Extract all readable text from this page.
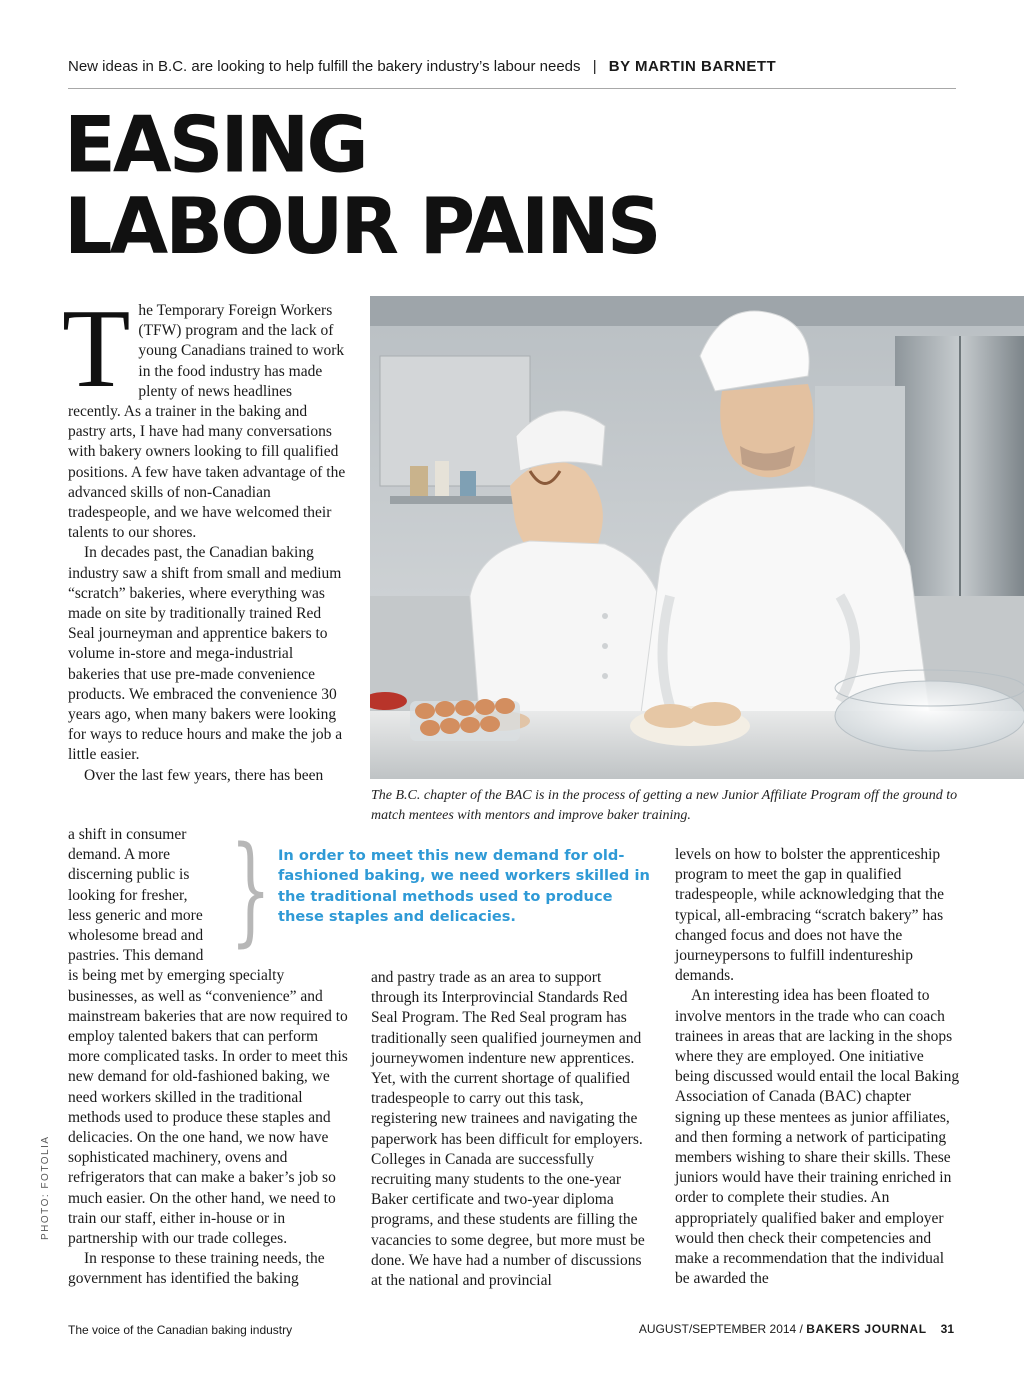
New ideas in B.C. are looking to help fulfill the bakery industry’s labour needs | BY MARTIN BARNETT
EASING
LABOUR PAINS

T he Temporary Foreign Workers (TFW) program and the lack of young Canadians trained to work in the food industry has made plenty of news headlines recently. As a trainer in the baking and pastry arts, I have had many conversations with bakery owners looking to fill qualified positions. A few have taken advantage of the advanced skills of non-Canadian tradespeople, and we have welcomed their talents to our shores.

In decades past, the Canadian baking industry saw a shift from small and medium “scratch” bakeries, where everything was made on site by traditionally trained Red Seal journeyman and apprentice bakers to volume in-store and mega-industrial bakeries that use pre-made convenience products. We embraced the convenience 30 years ago, when many bakers were looking for ways to reduce hours and make the job a little easier.

Over the last few years, there has been

a shift in consumer
demand. A more
discerning public is
looking for fresher,
less generic and more
wholesome bread and
pastries. This demand
is being met by emerging specialty businesses, as well as “convenience” and mainstream bakeries that are now required to employ talented bakers that can perform more complicated tasks. In order to meet this new demand for old-fashioned baking, we need workers skilled in the traditional methods used to produce these staples and delicacies. On the one hand, we now have sophisticated machinery, ovens and refrigerators that can make a baker’s job so much easier. On the other hand, we need to train our staff, either in-house or in partnership with our trade colleges.

In response to these training needs, the government has identified the baking

} In order to meet this new demand for old-fashioned baking, we need workers skilled in the traditional methods used to produce these staples and delicacies.
The B.C. chapter of the BAC is in the process of getting a new Junior Affiliate Program off the ground to match mentees with mentors and improve baker training.
and pastry trade as an area to support through its Interprovincial Standards Red Seal Program. The Red Seal program has traditionally seen qualified journeymen and journeywomen indenture new apprentices. Yet, with the current shortage of qualified tradespeople to carry out this task, registering new trainees and navigating the paperwork has been difficult for employers. Colleges in Canada are successfully recruiting many students to the one-year Baker certificate and two-year diploma programs, and these students are filling the vacancies to some degree, but more must be done. We have had a number of discussions at the national and provincial
levels on how to bolster the apprenticeship program to meet the gap in qualified tradespeople, while acknowledging that the typical, all-embracing “scratch bakery” has changed focus and does not have the journeypersons to fulfill indentureship demands.

An interesting idea has been floated to involve mentors in the trade who can coach trainees in areas that are lacking in the shops where they are employed. One initiative being discussed would entail the local Baking Association of Canada (BAC) chapter signing up these mentees as junior affiliates, and then forming a network of participating members wishing to share their skills. These juniors would have their training enriched in order to complete their studies. An appropriately qualified baker and employer would then check their competencies and make a recommendation that the individual be awarded the

PHOTO: FOTOLIA
The voice of the Canadian baking industry	AUGUST/SEPTEMBER 2014 / BAKERS JOURNAL 31
